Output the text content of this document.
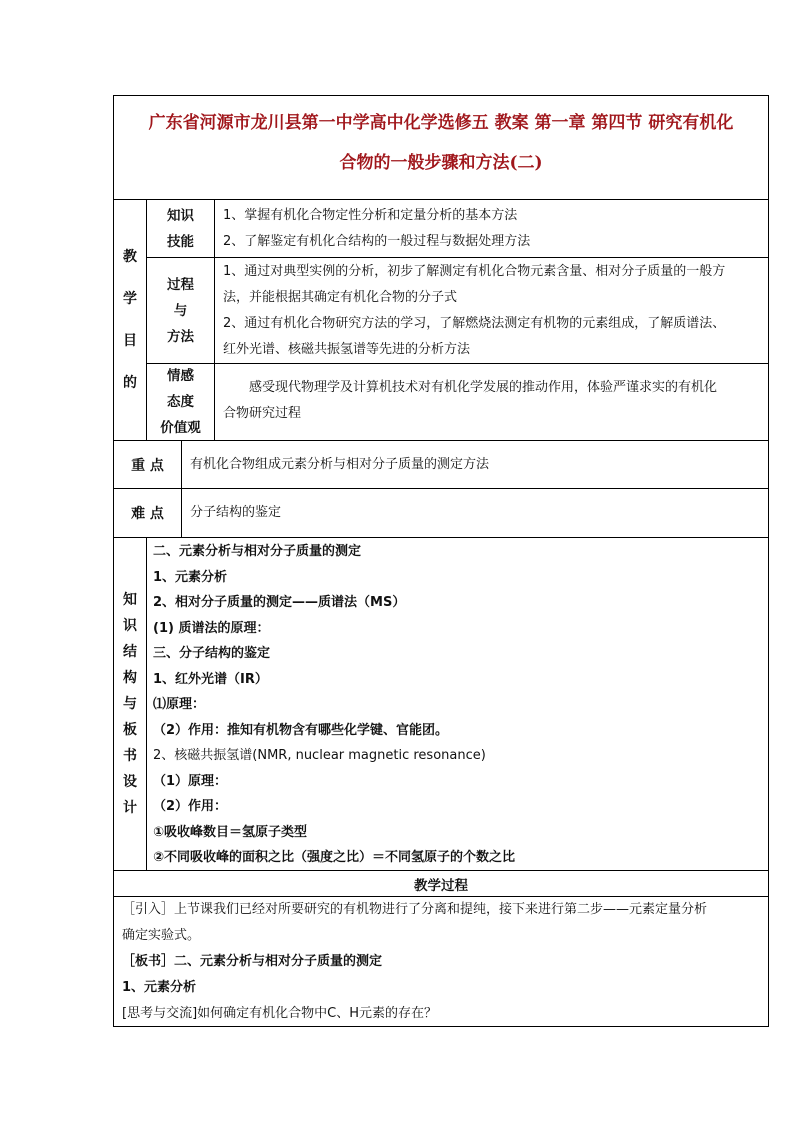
广东省河源市龙川县第一中学高中化学选修五 教案 第一章 第四节 研究有机化
合物的一般步骤和方法(二)
教
学
目
的
知识
技能
1、掌握有机化合物定性分析和定量分析的基本方法
2、了解鉴定有机化合结构的一般过程与数据处理方法
过程
与
方法
1、通过对典型实例的分析，初步了解测定有机化合物元素含量、相对分子质量的一般方
法，并能根据其确定有机化合物的分子式
2、通过有机化合物研究方法的学习，了解燃烧法测定有机物的元素组成，了解质谱法、
红外光谱、核磁共振氢谱等先进的分析方法
情感
态度
价值观
感受现代物理学及计算机技术对有机化学发展的推动作用，体验严谨求实的有机化
合物研究过程
重 点	有机化合物组成元素分析与相对分子质量的测定方法
难 点	分子结构的鉴定
知
识
结
构
与
板
书
设
计
二、元素分析与相对分子质量的测定
1、元素分析
2、相对分子质量的测定——质谱法（MS）
(1) 质谱法的原理：
三、分子结构的鉴定
1、红外光谱（IR）
⑴原理：
（2）作用：推知有机物含有哪些化学键、官能团。
2、核磁共振氢谱(NMR, nuclear magnetic resonance)
（1）原理：
（2）作用：
①吸收峰数目＝氢原子类型
②不同吸收峰的面积之比（强度之比）＝不同氢原子的个数之比
教学过程
［引入］上节课我们已经对所要研究的有机物进行了分离和提纯，接下来进行第二步——元素定量分析
确定实验式。
［板书］二、元素分析与相对分子质量的测定
1、元素分析
[思考与交流]如何确定有机化合物中C、H元素的存在？
